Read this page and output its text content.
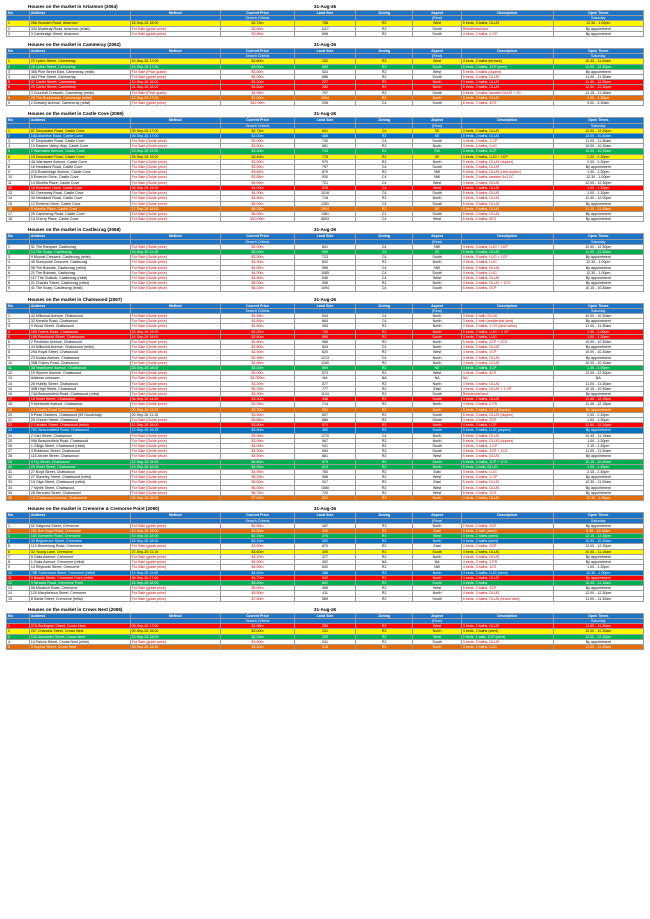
31-Aug-26
Houses on the market in Artarmon (2064)
No	Address	Method	Current Price	Land Size	Zoning	Aspect	Description	Open Times
			Search Criteria			(Rear)		Saturday
1	28A Wooden Road, Artarmon	16-Sep-26 18:00	$2.75m	788	R2	West	5 beds, 3 baths, DLUG	12.30 - 1.00pm
2	330 Mowbray Road, Artarmon (relist)	For Sale (guide price)	$3.50m	1117	R2	South	Residential land	By appointment
3	3 Cambridge Street, Artarmon	For Sale (guide price)	$3.90m	696	R2	South	4 beds, 2 baths, 1 CP	By appointment
31-Aug-26
Houses on the market in Cammeray (2062)
No	Address	Method	Current Price	Land Size	Zoning	Aspect	Description	Open Times
			Search Criteria			(Rear)		Saturday
1	22 Lytton Street, Cammeray	10-Sep-26 17:00	$2.80m	332	R3	West	4 beds, 2 baths (terrace)	10.30 - 11.00am
2	28 Lytton Street, Cammeray	10-Sep-26 17:00	$3.00m	550	R3	South	5 beds, 2 baths, 1CP (semi)	12.00 - 12.30pm
3	465 Pine Street East, Cammeray (relist)	For Sale (Price guide)	$3.50m	524	R2	West	5 beds, 3 baths (duplex)	By appointment
4	4A3 Pine Street, Cammeray	For Sale (guide price)	$4.00m	686	R2	South	5 beds, 3 baths, DLUG	11.00 - 11.30am
5	47 Carter Street, Cammeray	10-Sep-26 18:00	$4.20m	227	R3	North	4 beds, 2 baths, DLUG	11.30 - 12.00pm
6	25 Carter Street, Cammeray	24-Sep-26 18:00	$4.50m	280	R2	North	5 beds, 3 baths, DLUG	12.00 - 12.30pm
7	3 Churchill Crescent, Cammeray (relist)	For Sale (Price guide)	$4.95m	797	R2	South	5 beds, 3 baths, tandem DLUG + 2C	11.15 - 11.45am
8	29 The Boulevarde, Cammeray (relist)	12-Sep-26 17:00	$7.00m	1094	R2	North	5 beds, 3 baths, DLUG	1.00 - 1.30pm
9	2 Dowdey Avenue, Cammeray (relist)	For Sale (guide price)	$12.90m	936	C4	South	6 beds, 7 baths, 4CS	9.00 - 9.30am
31-Aug-26
Houses on the market in Castle Cove (2069)
No	Address	Method	Current Price	Land Size	Zoning	Aspect	Description	Open Times
			Search Criteria			(Rear)		Saturday
1	87 Deepwater Road, Castle Cove	09-Sep-26 17:00	$2.75m	841	C4	SE	3 beds, 2 baths, DLUG	12.00 - 12.30pm
2	18A Allambie Road, Castle Cove	09-Sep-26 17:00	$3.00m	488	R2	SE	5 beds, 2 baths, DLUG	10.00 - 10.30am
3	47 Deepwater Road, Castle Cove	For Sale (Guide price)	$3.00m	740	C4	South	4 beds, 2 baths, 2 CP	11.00 - 11.30am
4	19 Eastern Valley Way, Castle Cove	For Sale (Guide price)	$3.00m	581	R2	North	4 beds, 4 baths, LUG	10.00 - 10.30am
5	2 Warrawee Avenue, Castle Cove	19-Sep-26 19:00	$3.40m	743	R2	SW	4 beds, 2 baths, 2CP	10.00 - 10.30am
6	15 Deepwater Road, Castle Cove	25-Sep-26 19:00	$3.40m	778	R2	SE	4 beds, 2 baths, LUG + 1CP	2.00 - 2.30pm
7	4A Warrawee Avenue, Castle Cove	For Sale (Guide price)	$3.50m	970	R2	North	5 beds, 4 baths, DLUG (duplex)	2.00 - 2.30pm
8	16 Headland Road, Castle Cove	For Sale (Guide price)	$3.50m	797	C4	South	4 beds, 3 baths, DLUG	By appointment
9	210 Rosebridge Avenue, Castle Cove	For Sale (Guide price)	$3.60m	870	R2	NW	5 beds, 3 baths, DLUG (new duplex)	1.00 - 1.30pm
10	5 Emerton Drive, Castle Cove	For Sale (Guide price)	$3.85m	930	C4	NW	5 beds, 3 baths, tandem 4x1 2C	12.30 - 1.00pm
11	14 Morella Place, Castle Cove	For Sale (Guide price)	$4.00m	721	C4	West	4 beds, 2 baths, DLUG	12.00 - 12.30pm
12	18 Emerston Drive, Castle Cove	26-Sep-26 19:00	$4.00m	915	C4	West	5 beds, 2 baths, DLUG	1.00 - 1.30pm
13	52 Greenway Road, Castle Cove	For Sale (Guide price)	$4.00m	1018	C4	South	5 beds, 3 baths, DLUG	1.00 - 1.30pm
14	34 Headland Road, Castle Cove	For Sale (Guide price)	$4.50m	718	R2	North	4 beds, 3 baths, DLUG	11.30 - 12.00pm
15	12 Emerton Drive, Castle Cove	For Sale (Guide price)	$5.00m	1281	C4	South	5 beds, 3 baths, DLUG	By appointment
16	5 Morella Place, Castle Cove	17-Sep-26 18:00	$6.25m	1504	R2	NE	5 beds, 3 baths, DLUG	11.15 - 11.45am
17	26 Cammeray Road, Castle Cove	For Sale (Guide price)	$6.50m	1361	C1	South	5 beds, 3 baths, DLUG	By appointment
18	14 Cherry Place, Castle Cove	For Sale (Guide price)	$10.00m	8553	C4	West	6 beds, 4 baths, 6CS	By appointment
31-Aug-26
Houses on the market in Castlecrag (2068)
No	Address	Method	Current Price	Land Size	Zoning	Aspect	Description	Open Times
			Search Criteria			(Rear)		Saturday
1	31 The Rampart, Castlecrag	For Sale (Guide price)	$2.00m	841	C4	NW	4 beds, 3 baths, LUG + 1CP	12.00 - 12.30pm
2	13 The Scarp, Castlecrag	19-Sep-26 11:15	$3.00m	689	C4	SE	5 beds, 3 baths, DLUG	11.00 - 11.30am
3	9 Moorat Crescent, Castlecrag (relist)	For Sale (Guide price)	$3.50m	713	C4	South	4 beds, 3 baths, LUG + 1CP	By appointment
4	45 Sunnyside Crescent, Castlecrag	For Sale (Guide price)	$3.90m	892	R2	North	4 beds, 3 baths, LUG	12.30 - 1.00pm
5	38 The Bulwark, Castlecrag (relist)	For Sale (Guide price)	$4.00m	956	C4	NW	5 beds, 3 baths, DLUG	By appointment
6	21 The Bulwark, Castlecrag	For Sale (Guide price)	$4.00m	1085	C4	South	4 beds, 3 baths, LUG	12.30 - 1.00pm
7	117 The Outlook, Castlecrag (relist)	For Sale (Guide price)	$4.50m	646	C4	West	4 beds, 2 baths, DLUG	By appointment
8	21 Charles Street, Castlecrag (relist)	For Sale (Guide price)	$5.00m	956	R2	North	4 beds, 4 baths, DLUG + 1CS	By appointment
9	41 The Scarp, Castlecrag (relist)	For Sale (Guide price)	$6.15m	1094	C4	South	5 beds, 3 baths, 2CP	10.15 - 10.45am
31-Aug-26
Houses on the market in Chatswood (2067)
No	Address	Method	Current Price	Land Size	Zoning	Aspect	Description	Open Times
			Search Criteria			(Rear)		Saturday
1	42 Millwood Avenue, Chatswood	For Sale (Guide price)	$1.45m	544	C4	North	3 beds, 1 bath, DLUG	10.00 - 10.30am
2	32 Kenella Road, Chatswood	For Sale (Guide price)	$1.65m	664	C4	North	3 beds, 1 bath (residential land)	By appointment
3	9 Wood Street, Chatswood	For Sale (Guide price)	$2.00m	494	R2	North	2 beds, 2 baths, 1 CS (land value)	11.00 - 11.30am
4	185 Fullers Road, Chatswood	23-Sep-26 19:00	$2.20m	740	R2	North	5 beds, 2 baths, LUG + 2 CP	1.30 - 2.00pm
5	195 Penshurst Street, Chatswood	14-Sep-26 18:00	$2.60m	695	R2	South	4 beds, 2 baths, LUG	1.00 - 1.30pm
6	2 Peckham Avenue, Chatswood	For Sale (Guide price)	$2.80m	986	R2	North	5 beds, 2 baths, 2CP + 2CS	10.00 - 10.30am
7	44 Millwood Avenue, Chatswood (relist)	For Sale (Guide price)	$2.80m	544	C4	North	4 beds, 2 baths, DLUG	By appointment
8	29A Royal Street, Chatswood	For Sale (Guide price)	$2.90m	620	R2	West	4 beds, 3 baths, 1CP	10.00 - 10.30am
9	23 Kooba Avenue, Chatswood	For Sale (Guide price)	$2.90m	1213	C4	North	4 beds, 2 baths, DLUG	By appointment
10	35B Fullers Road, Chatswood	For Sale (Guide price)	$2.85m	1180	R2	North	4 beds, 2 baths, DLUG	10.00 - 10.30am
11	38 Hawthorne Avenue, Chatswood	28-Sep-26 18:00	$3.00m	809	R2	NE	4 beds, 2 baths, 1CP	1.30 - 2.00pm
12	19 Wyvern Avenue, Chatswood	For Sale (Guide price)	$3.00m	573	R2	West	4 beds, 3 baths, 4CS	12.00 - 12.30pm
13	Address unknown	For Sale (Guide price)	$3.095m	NA	NA	NA	NA	NA
14	28 Hubbly Street, Chatswood	For Sale (Guide price)	$3.20m	577	R2	North	4 beds, 3 baths, DLUG	11.00 - 11.30am
15	39B High Street, Chatswood	For Sale (Guide price)	$3.20m	777	R2	East	4 beds, 3 baths, DLUG + 1 CP	10.15 - 10.45am
16	74A Beaconsfield Road, Chatswood (relist)	For Sale (Guide price)	$3.30m	1124	R2	South	Residential land	By appointment
17	18 Violet Street, Chatswood	06-Sep-26 14:00	$3.30m	446	R2	South	4 beds, 2 baths, DLUG	11.45 - 12.15pm
18	9 Northcote Avenue, Chatswood	For Sale (Guide price)	$3.30m	714	R2	North	4 beds, 3 baths, 2 PS	11.45 - 12.15pm
19	14 Kooala Road Chatswood	20-Sep-26 12:15	$3.70m	951	R2	North	5 beds, 3 baths, LUG (duplex)	By appointment
20	5 Pearl Gardens, Chatswood (59 Goodchap)	20-Sep-26 11:15	$3.50m	697	R2	South	5 beds, 3 baths, DLUG (duplex)	2.00 - 2.30pm
21	28 Church Street, Chatswood	For Sale (Guide price)	$3.80m	886	R2	South	4 beds, 3 baths, 2CP	1.00 - 1.30pm
22	2 Caroline Street, Chatswood (relist)	12-Sep-26 18:00	$3.80m	571	R2	North	4 beds, 2 baths, LCP	12.00 - 12.30pm
23	76C Beaconsfield Road, Chatswood	12-Sep-26 16:15	$3.90m	450	R2	South	5 beds, 3 baths, LUG (duplex)	By appointment
24	2 Carr Street, Chatswood	For Sale (Guide price)	$3.90m	1270	C4	North	5 beds, 3 baths, DLUG	10.45 - 11.15am
25	99A Beaconsfield Road, Chatswood	For Sale (Guide price)	$3.95m	567	R2	North	5 beds, 3 baths, DLUG (duplex)	1.00 - 1.30pm
26	1 Gilligs Street, Chatswood (relist)	For Sale (Guide price)	$4.00m	941	R2	South	4 beds, 3 baths, 1 CP	2.15 - 2.45pm
27	4 Robinson Street, Chatswood	For Sale (Guide price)	$4.30m	690	R2	South	4 beds, 3 baths, 1CP + 1CS	11.00 - 11.30am
28	115 Archer Street, Chatswood	For Sale (Guide price)	$4.50m	661	R2	West	5 beds, 3 baths, DLUG	By appointment
29	4 Fry Street, Chatswood	12-Sep-26 15:00	$4.80m	575	R2	South	5 beds, 3 baths, 1CP + 1CS	10.15 - 10.45am
30	25 Violet Street, Chatswood	19-Sep-26 16:00	$4.90m	613	R2	North	5 beds, 3 bath, DLUG	1.00 - 1.30pm
31	27 Boyd Street, Chatswood	For Sale (Guide price)	$4.95m	760	R2	East	4 beds, 3 baths, LUG	2.15 - 2.45pm
32	27 Slaveley Street, Chatswood (relist)	For Sale (Guide price)	$5.20m	956	R2	West	5 beds, 3 baths, 2 CP	By appointment
33	15 Olga Street, Chatswood (relist)	For Sale (Guide price)	$5.50m	917	R2	East	5 beds, 3 baths, DLUG	10.30 - 11.00am
34	7 Myrtle Street, Chatswood	For Sale (Guide price)	$6.00m	1060	R2	West	5 beds, 4 baths, DLUG	By appointment
35	28 Hercules Street, Chatswood	For Sale (Guide price)	$6.75m	720	R2	West	5 beds, 4 baths, 1CS	By appointment
36	13 Chatswood Avenue, Chatswood	09-Sep-26 18:00	$7.00m	831	R2	North	4 beds, 3 baths, DLUG	12.30 - 1.00pm
31-Aug-26
Houses on the market in Cremorne & Cremorne Point (2090)
No	Address	Method	Current Price	Land Size	Zoning	Aspect	Description	Open Times
			Search Criteria			(Rear)		Saturday
1	52 Kalgoora Street, Cremorne	For Sale (guide price)	$2.05m	187	R3	North	2 beds, 2 baths, 1CP	By appointment
2	291 Ben Boyd Road, Cremorne	10-Sep-26 18:00	$2.50m	300	R3	East	3 beds, 1 bath (semi)	9.45 - 10.15am
3	183 Gerrarine Road, Cremorne	10-Sep-26 18:00	$2.74m	276	R3	West	3 beds, 2 baths (semi)	12.15 - 12.45pm
4	30 Brightmore Street, Cremorne	15-Sep-26 18:00	$3.10m	392	R2	North	4 beds, 3 baths (semi)	10.00 - 10.30am
5	114 Bennelong Road, Cremorne	For Sale (guide price)	$3.50m	670	R2	East	4 beds, 2 baths, 2CP	12.00 - 12.30pm
6	32 Young Lane, Cremorne	27-Sep-26 11:15	$3.60m	400	R2	South	4 beds, 2 baths, DLUG	10.45 - 11.15am
7	5 Oaks Avenue, Cremorne	For Sale (guide price)	$4.10m	477	R2	North	4 beds, 3 baths, DLUG	By appointment
8	1 Oaks Avenue, Cremorne (relist)	For Sale (guide price)	$4.50m	452	NA	NA	4 beds, 3 baths, 2 PS	By appointment
9	14 Reynolds Street, Cremorne	For Sale (guide price)	$4.50m	632	R2	NW	4 beds, 3 baths, 1CS	1.00 - 1.30pm
10	78B Sutherland Street, Cremorne (relist)	12-Sep-26 11:00	$4.50m	286	R3	North	4 beds, 3 baths, LUG (semi)	12.30 - 1.00pm
11	8 Bassie Street, Cremorne Point (relist)	08-Sep-26 17:00	$4.70m	542	R2	North	4 beds, 2 baths, DLUG	By appointment
12	9 Nirvada Road, Cremorne Point	15-Sep-26 18:00	$5.00m	602	R2	South	4 beds, 3 baths	10.45 - 11.15am
13	58 Murdoch Road, Cremorne	For Sale (guide price)	$5.50m	465	R2	West	5 beds, 3 baths, 1CP	By appointment
14	120 Macpherson Street, Cremorne	For Sale (guide price)	$5.50m	411	R2	North	4 beds, 3 baths, DLUG	12.00 - 12.30pm
15	8 Santa Street, Cremorne (relist)	For Sale (guide price)	$7.50m	589	R2	South	5 beds, 3 baths, DLUG (brand new)	11.00 - 11.30am
31-Aug-26
Houses on the market in Crows Nest (2065)
No	Address	Method	Current Price	Land Size	Zoning	Aspect	Description	Open Times
			Search Criteria			(Rear)		Saturday
1	27A Burlington Street, Crows Nest	09-Sep-26 17:00	$1.98m	255	R2	West	3 beds, 2 baths, DLUG	11.00 - 11.30am
2	207 Chandos Street, Crows Nest	09-Sep-26 18:00	$2.00m	241	R2	North	4 beds, 2 baths (semi)	10.00 - 10.30am
3	126 Alexander Street, Crows Nest	10-Sep-26 18:00	$2.20m	230	R2	West	2 beds, 1 bath, 1CP (semi)	12.00 - 12.30pm
4	14 Falcon Street, Crows Nest (relist)	For Sale (guide price)	$3.00m	241	R2	South	3 beds, 2 baths, DLUG	By appointment
5	3 Sophia Street, Crows Nest	03-Sep-26 18:45	$3.40m	215	R2	North	4 beds, 2 baths, LUG	11.00 - 11.30am
